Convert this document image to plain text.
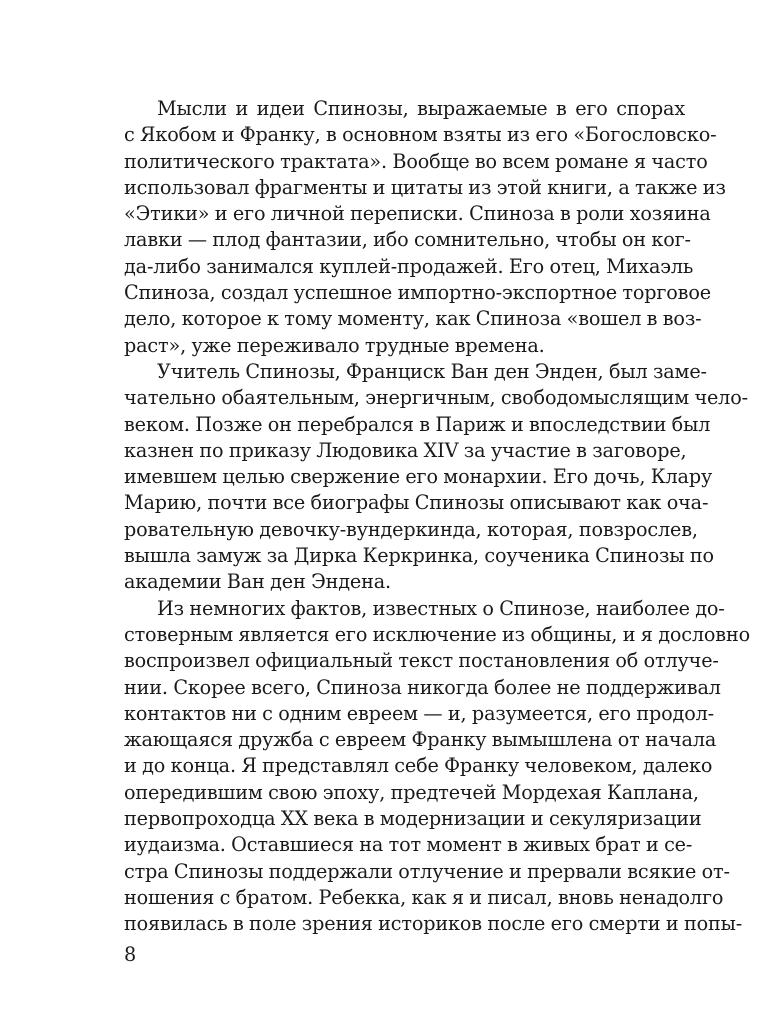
Мысли и идеи Спинозы, выражаемые в его спорах
с Якобом и Франку, в основном взяты из его «Богословско-
политического трактата». Вообще во всем романе я часто
использовал фрагменты и цитаты из этой книги, а также из
«Этики» и его личной переписки. Спиноза в роли хозяина
лавки — плод фантазии, ибо сомнительно, чтобы он ког-
да-либо занимался куплей-продажей. Его отец, Михаэль
Спиноза, создал успешное импортно-экспортное торговое
дело, которое к тому моменту, как Спиноза «вошел в воз-
раст», уже переживало трудные времена.
Учитель Спинозы, Франциск Ван ден Энден, был заме-
чательно обаятельным, энергичным, свободомыслящим чело-
веком. Позже он перебрался в Париж и впоследствии был
казнен по приказу Людовика XIV за участие в заговоре,
имевшем целью свержение его монархии. Его дочь, Клару
Марию, почти все биографы Спинозы описывают как оча-
ровательную девочку-вундеркинда, которая, повзрослев,
вышла замуж за Дирка Керкринка, соученика Спинозы по
академии Ван ден Эндена.
Из немногих фактов, известных о Спинозе, наиболее до-
стоверным является его исключение из общины, и я дословно
воспроизвел официальный текст постановления об отлуче-
нии. Скорее всего, Спиноза никогда более не поддерживал
контактов ни с одним евреем — и, разумеется, его продол-
жающаяся дружба с евреем Франку вымышлена от начала
и до конца. Я представлял себе Франку человеком, далеко
опередившим свою эпоху, предтечей Мордехая Каплана,
первопроходца XX века в модернизации и секуляризации
иудаизма. Оставшиеся на тот момент в живых брат и се-
стра Спинозы поддержали отлучение и прервали всякие от-
ношения с братом. Ребекка, как я и писал, вновь ненадолго
появилась в поле зрения историков после его смерти и попы-
8
